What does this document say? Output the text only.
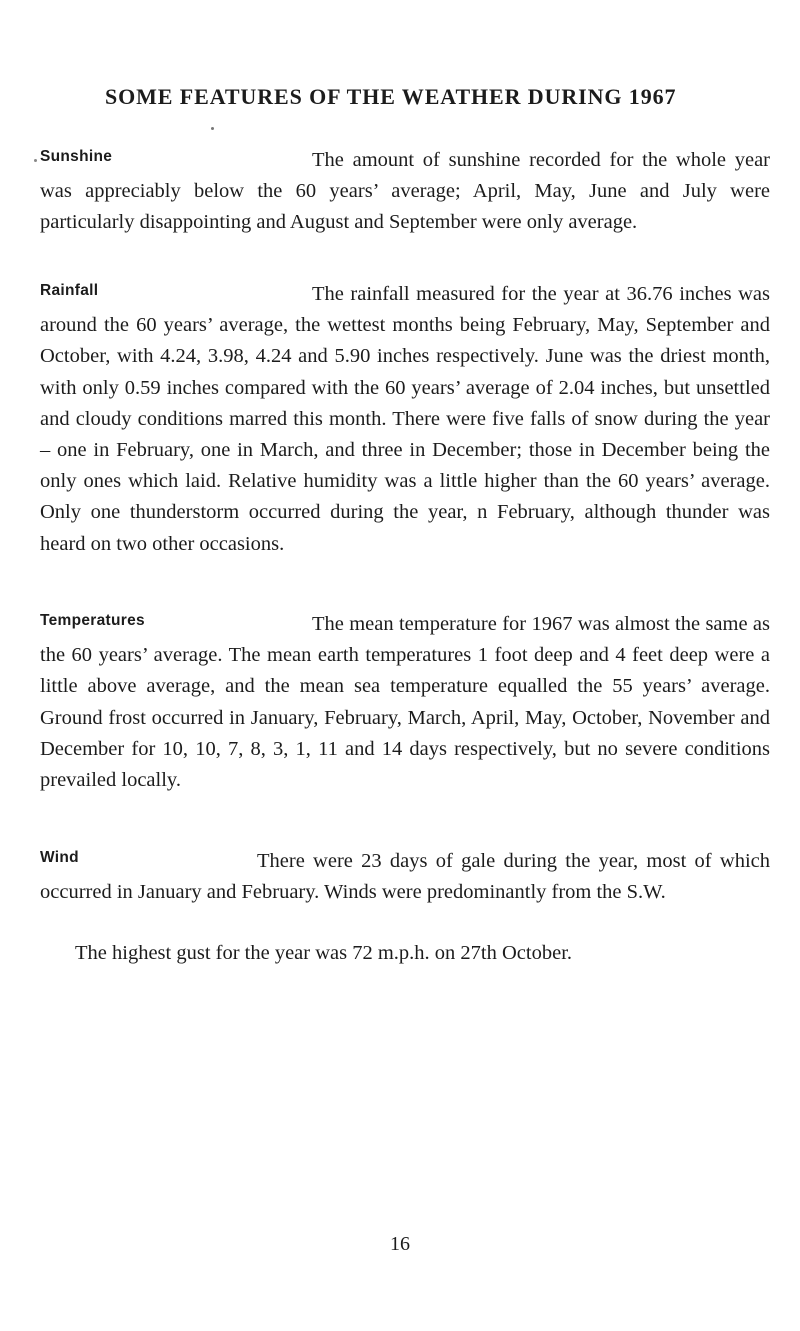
SOME FEATURES OF THE WEATHER DURING 1967
Sunshine	The amount of sunshine recorded for the whole year was appreciably below the 60 years’ average; April, May, June and July were particularly disappointing and August and September were only average.

Rainfall	The rainfall measured for the year at 36.76 inches was around the 60 years’ average, the wettest months being February, May, September and October, with 4.24, 3.98, 4.24 and 5.90 inches respectively. June was the driest month, with only 0.59 inches compared with the 60 years’ average of 2.04 inches, but unsettled and cloudy conditions marred this month. There were five falls of snow during the year – one in February, one in March, and three in December; those in December being the only ones which laid. Relative humidity was a little higher than the 60 years’ average. Only one thunderstorm occurred during the year, n February, although thunder was heard on two other occasions.

Temperatures	The mean temperature for 1967 was almost the same as the 60 years’ average. The mean earth temperatures 1 foot deep and 4 feet deep were a little above average, and the mean sea temperature equalled the 55 years’ average. Ground frost occurred in January, February, March, April, May, October, November and December for 10, 10, 7, 8, 3, 1, 11 and 14 days respectively, but no severe conditions prevailed locally.

Wind	There were 23 days of gale during the year, most of which occurred in January and February. Winds were predominantly from the S.W.

The highest gust for the year was 72 m.p.h. on 27th October.

16
